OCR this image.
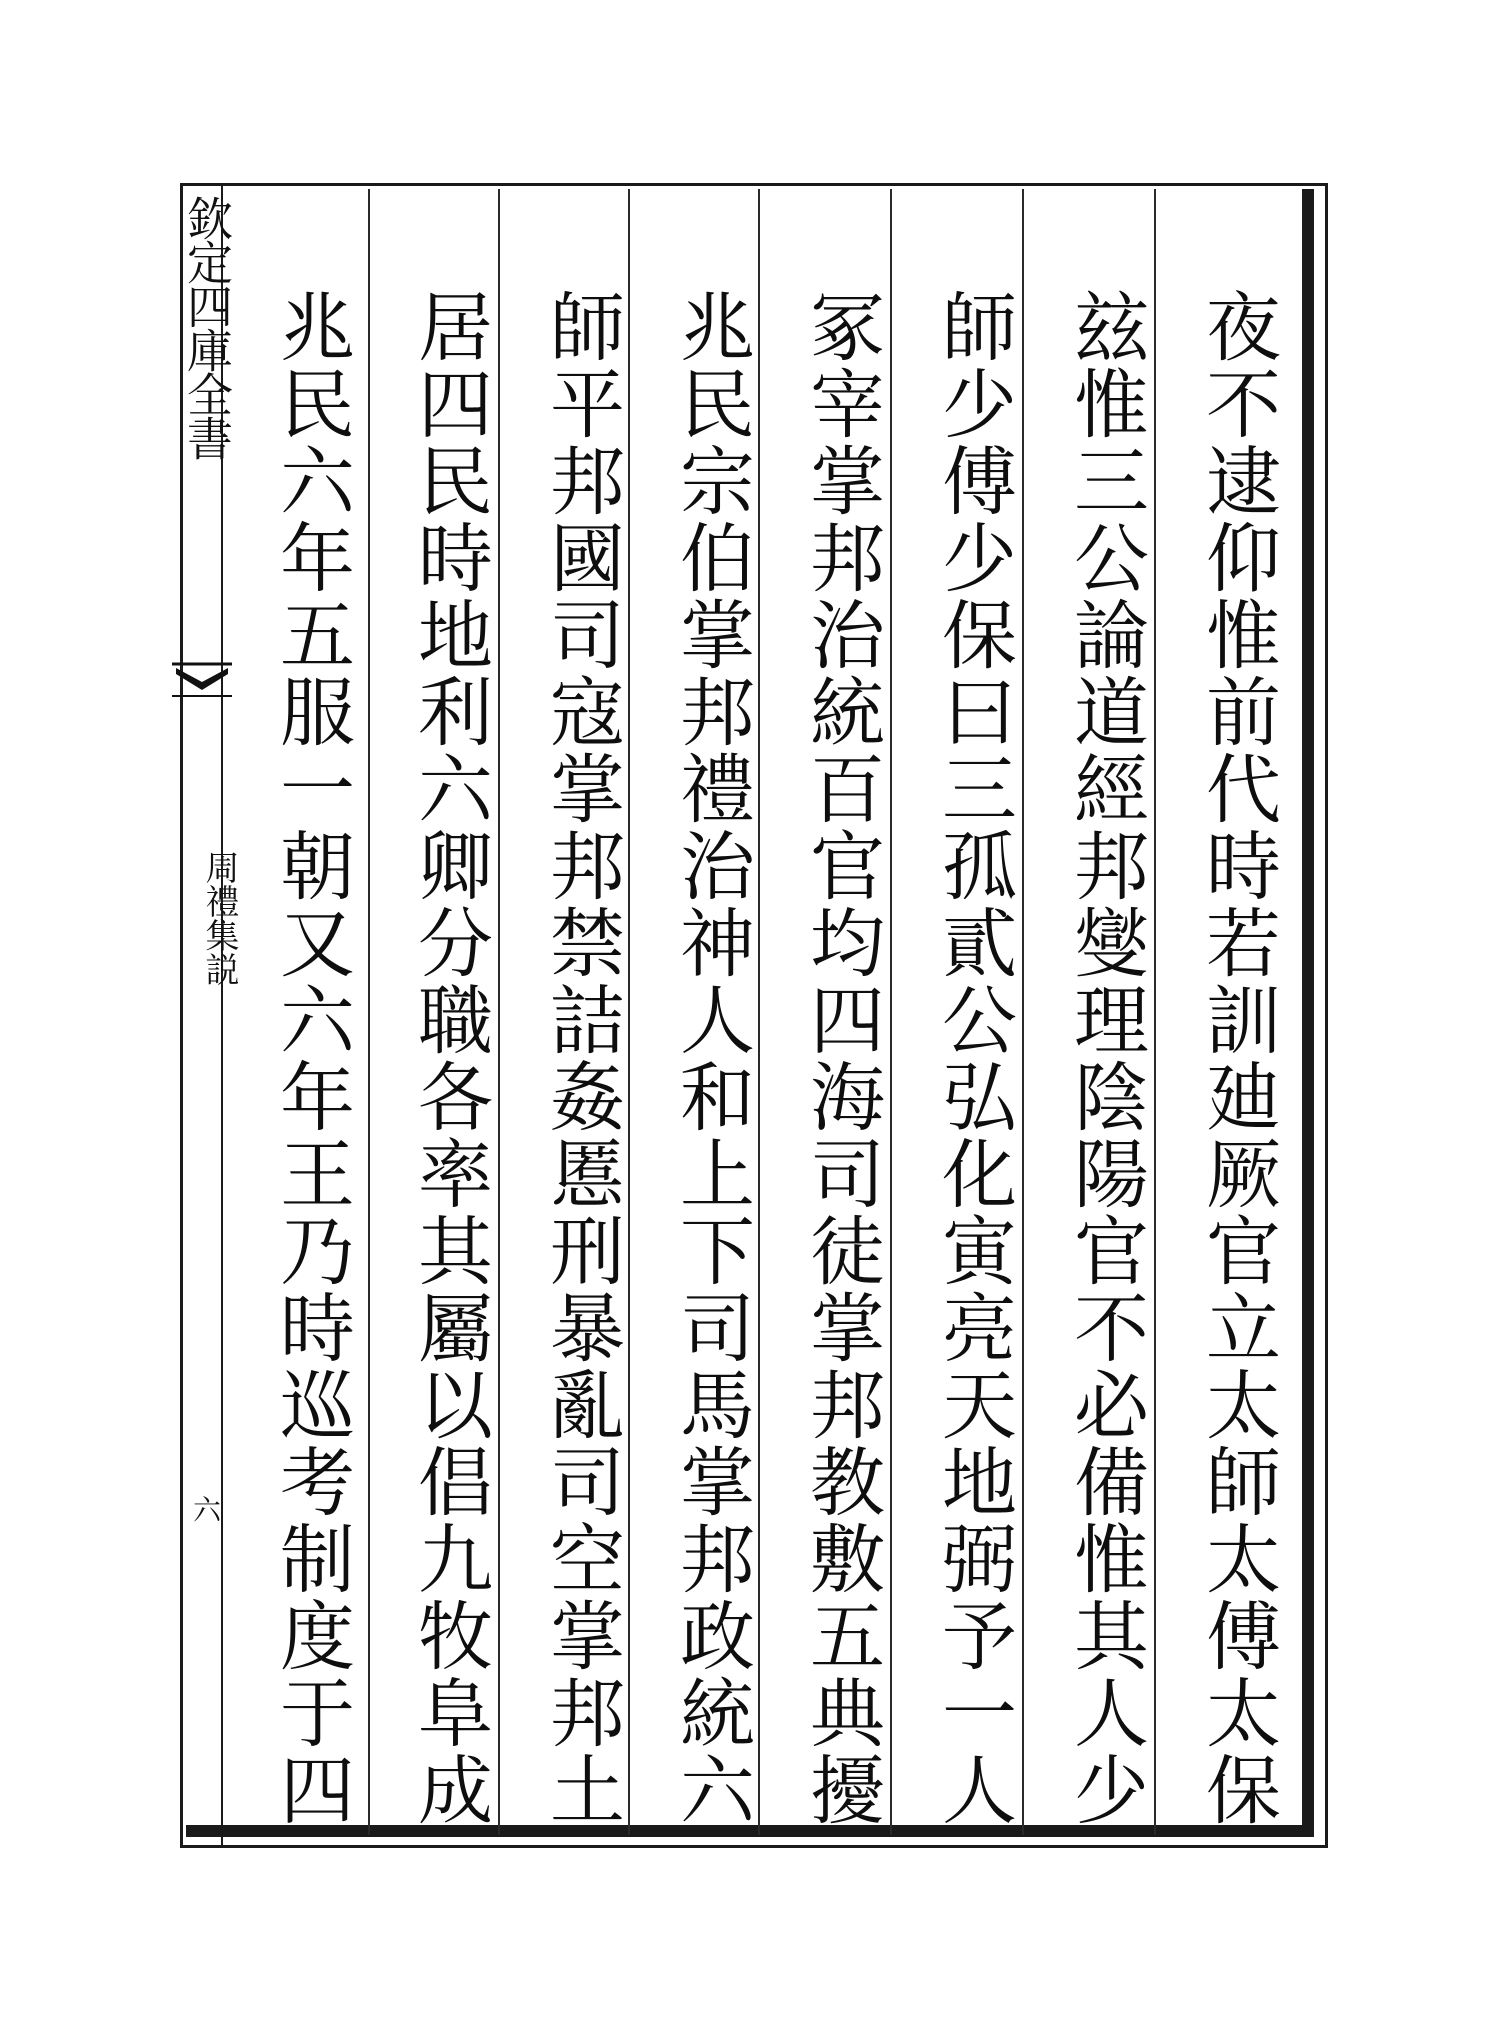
欽定四庫全書
周禮集説
六	夜不逮仰惟前代時若訓廸厥官立太師太傅太保
玆惟三公論道經邦燮理陰陽官不必備惟其人少
師少傅少保曰三孤貳公弘化寅亮天地弼予一人
冢宰掌邦治統百官均四海司徒掌邦教敷五典擾
兆民宗伯掌邦禮治神人和上下司馬掌邦政統六
師平邦國司寇掌邦禁詰姦慝刑暴亂司空掌邦土
居四民時地利六卿分職各率其屬以倡九牧阜成
兆民六年五服一朝又六年王乃時巡考制度于四
